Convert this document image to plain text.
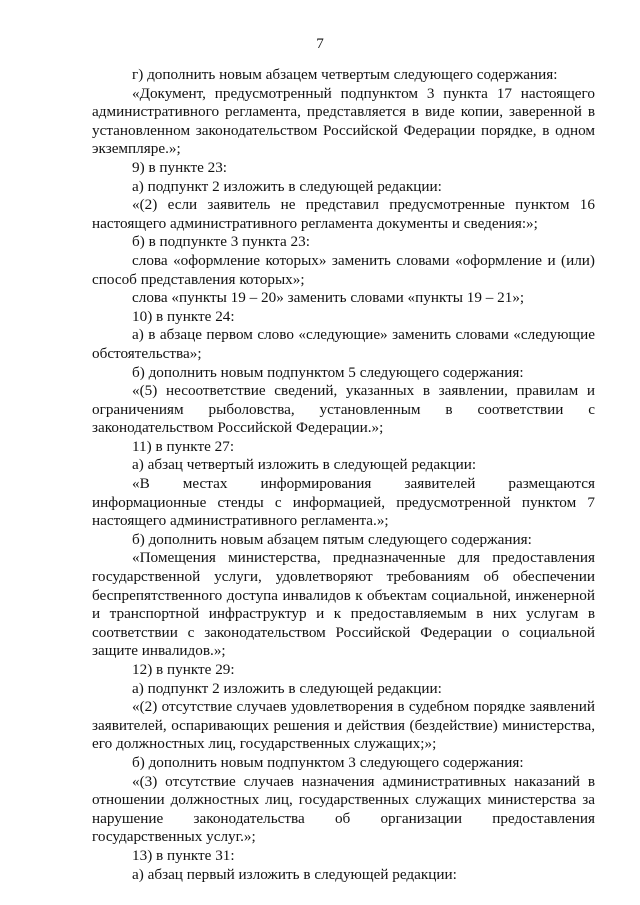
7

г) дополнить новым абзацем четвертым следующего содержания:

«Документ, предусмотренный подпунктом 3 пункта 17 настоящего административного регламента, представляется в виде копии, заверенной в установленном законодательством Российской Федерации порядке, в одном экземпляре.»;

9) в пункте 23:

а) подпункт 2 изложить в следующей редакции:

«(2) если заявитель не представил предусмотренные пунктом 16 настоящего административного регламента документы и сведения:»;

б) в подпункте 3 пункта 23:

слова «оформление которых» заменить словами «оформление и (или) способ представления которых»;

слова «пункты 19 – 20» заменить словами «пункты 19 – 21»;

10) в пункте 24:

а) в абзаце первом слово «следующие» заменить словами «следующие обстоятельства»;

б) дополнить новым подпунктом 5 следующего содержания:

«(5) несоответствие сведений, указанных в заявлении, правилам и ограничениям рыболовства, установленным в соответствии с законодательством Российской Федерации.»;

11) в пункте 27:

а) абзац четвертый изложить в следующей редакции:

«В местах информирования заявителей размещаются информационные стенды с информацией, предусмотренной пунктом 7 настоящего административного регламента.»;

б) дополнить новым абзацем пятым следующего содержания:

«Помещения министерства, предназначенные для предоставления государственной услуги, удовлетворяют требованиям об обеспечении беспрепятственного доступа инвалидов к объектам социальной, инженерной и транспортной инфраструктур и к предоставляемым в них услугам в соответствии с законодательством Российской Федерации о социальной защите инвалидов.»;

12) в пункте 29:

а) подпункт 2 изложить в следующей редакции:

«(2) отсутствие случаев удовлетворения в судебном порядке заявлений заявителей, оспаривающих решения и действия (бездействие) министерства, его должностных лиц, государственных служащих;»;

б) дополнить новым подпунктом 3 следующего содержания:

«(3) отсутствие случаев назначения административных наказаний в отношении должностных лиц, государственных служащих министерства за нарушение законодательства об организации предоставления государственных услуг.»;

13) в пункте 31:

а) абзац первый изложить в следующей редакции:
